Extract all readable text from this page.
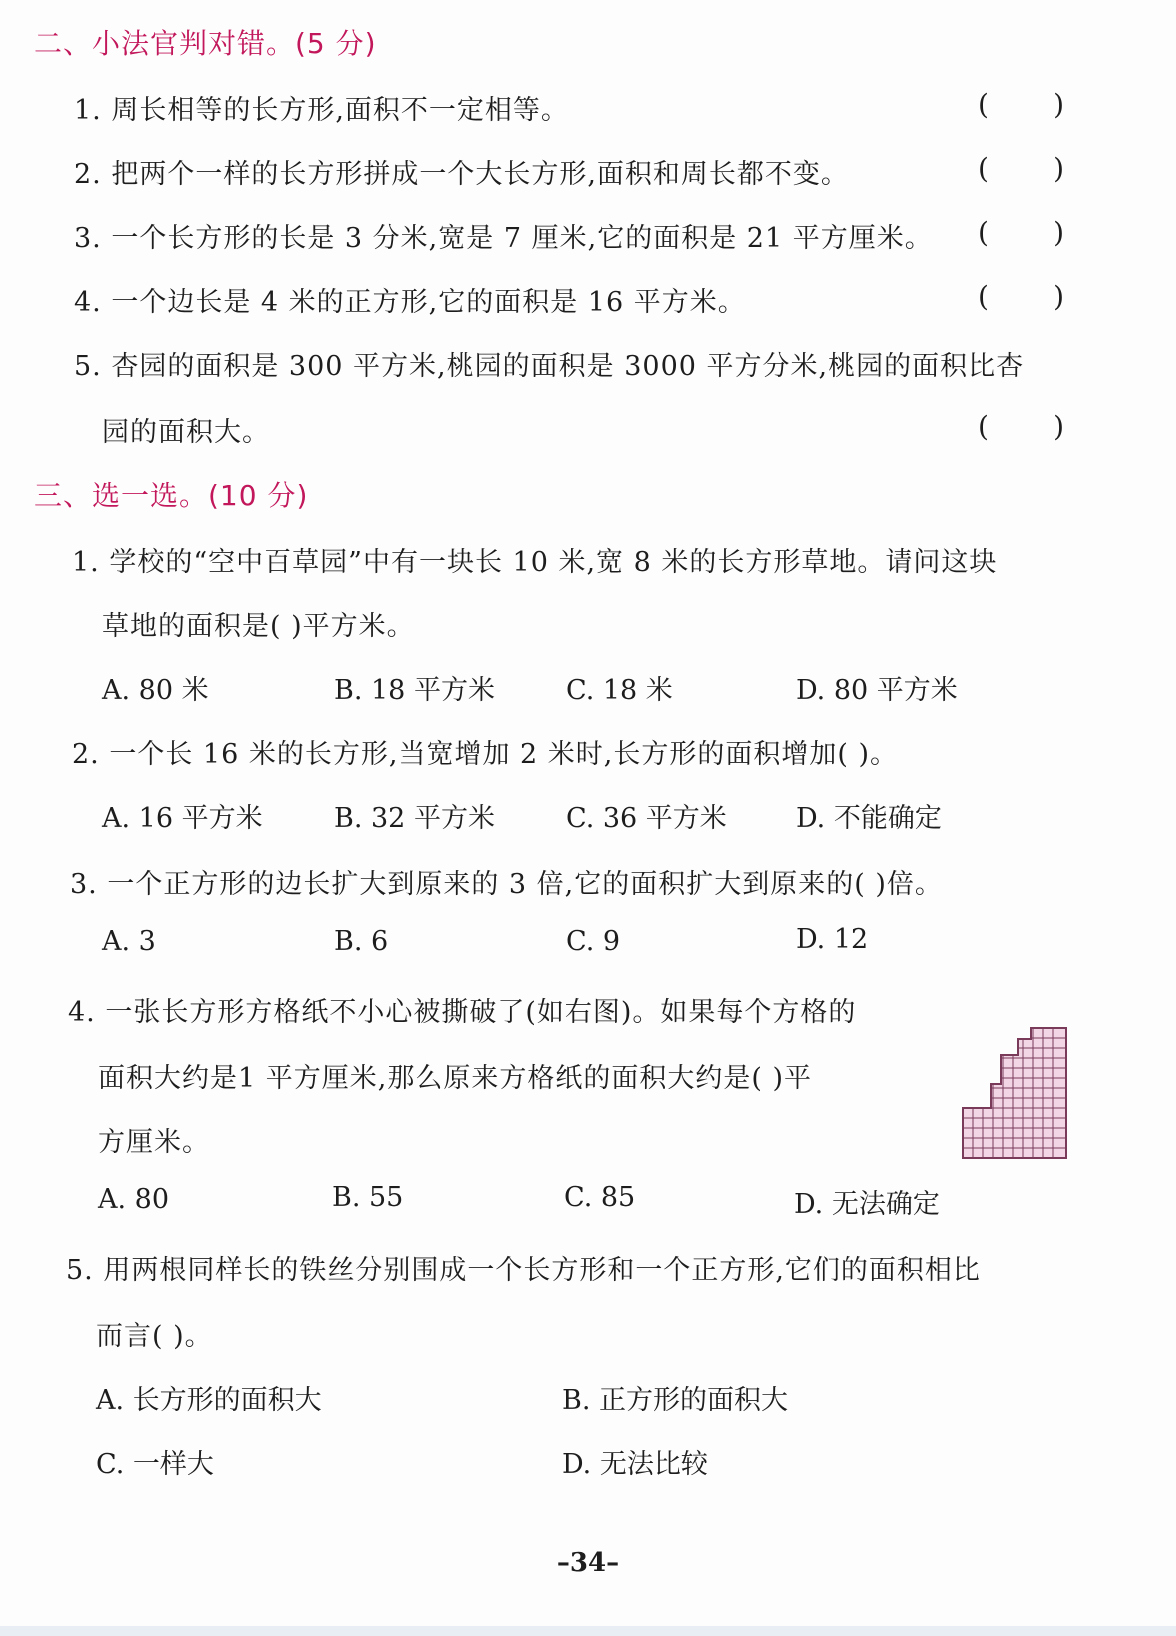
二、小法官判对错。(5 分)
1. 周长相等的长方形,面积不一定相等。	( )
2. 把两个一样的长方形拼成一个大长方形,面积和周长都不变。	( )
3. 一个长方形的长是 3 分米,宽是 7 厘米,它的面积是 21 平方厘米。 ( )
4. 一个边长是 4 米的正方形,它的面积是 16 平方米。	( )
5. 杏园的面积是 300 平方米,桃园的面积是 3000 平方分米,桃园的面积比杏
园的面积大。	( )
三、选一选。(10 分)
1. 学校的“空中百草园”中有一块长 10 米,宽 8 米的长方形草地。请问这块
草地的面积是( )平方米。
A. 80 米	B. 18 平方米	C. 18 米	D. 80 平方米
2. 一个长 16 米的长方形,当宽增加 2 米时,长方形的面积增加( )。
A. 16 平方米	B. 32 平方米	C. 36 平方米	D. 不能确定
3. 一个正方形的边长扩大到原来的 3 倍,它的面积扩大到原来的( )倍。
A. 3	B. 6	C. 9	D. 12
4. 一张长方形方格纸不小心被撕破了(如右图)。如果每个方格的
面积大约是1 平方厘米,那么原来方格纸的面积大约是( )平
方厘米。
A. 80	B. 55	C. 85	D. 无法确定
5. 用两根同样长的铁丝分别围成一个长方形和一个正方形,它们的面积相比
而言( )。
A. 长方形的面积大	B. 正方形的面积大
C. 一样大	D. 无法比较
–34–
